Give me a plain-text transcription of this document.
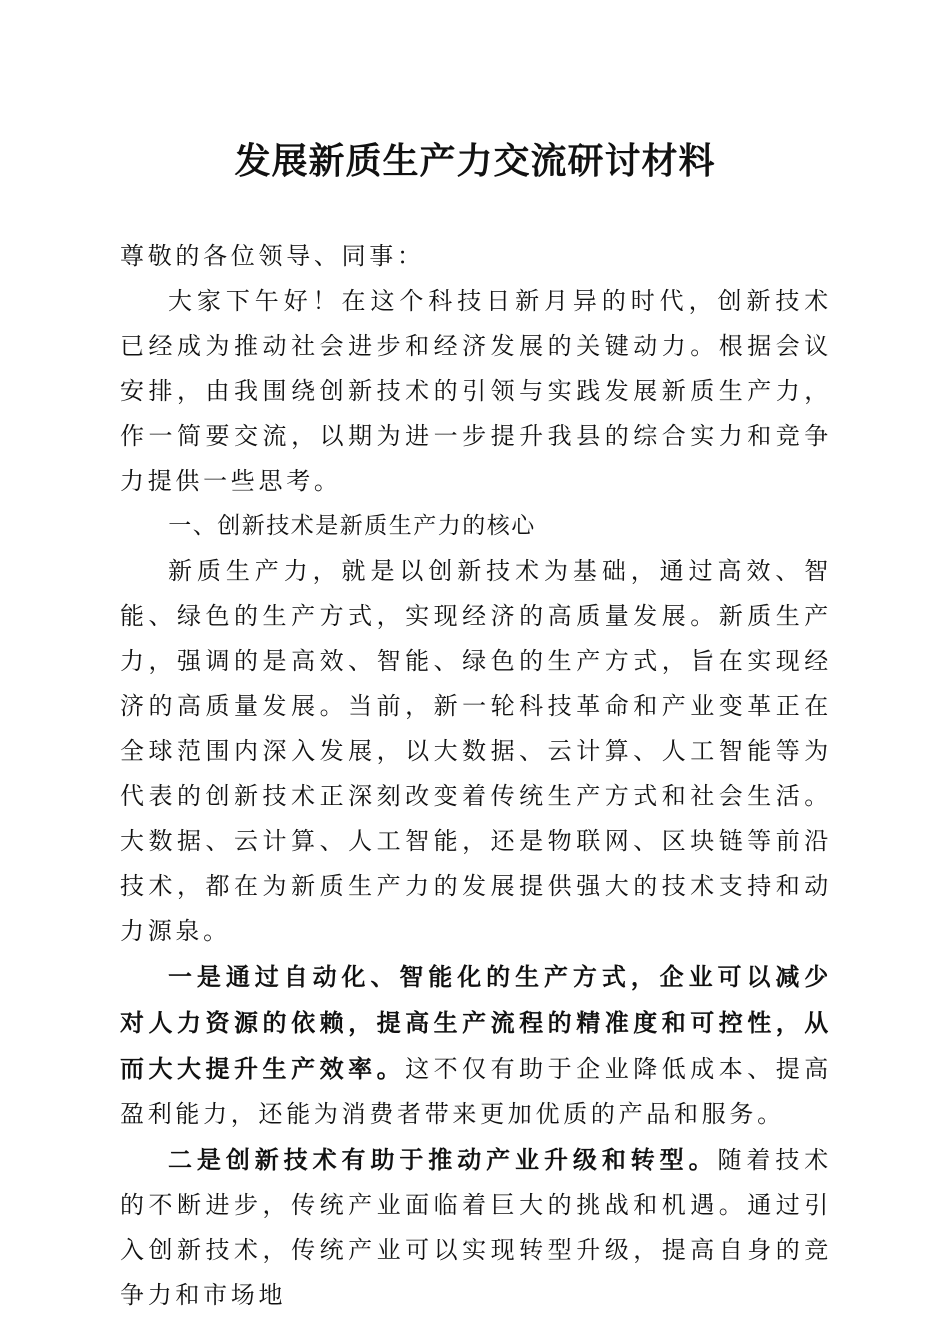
发展新质生产力交流研讨材料

尊敬的各位领导、同事：

大家下午好！在这个科技日新月异的时代，创新技术已经成为推动社会进步和经济发展的关键动力。根据会议安排，由我围绕创新技术的引领与实践发展新质生产力，作一简要交流，以期为进一步提升我县的综合实力和竞争力提供一些思考。

一、创新技术是新质生产力的核心

新质生产力，就是以创新技术为基础，通过高效、智能、绿色的生产方式，实现经济的高质量发展。新质生产力，强调的是高效、智能、绿色的生产方式，旨在实现经济的高质量发展。当前，新一轮科技革命和产业变革正在全球范围内深入发展，以大数据、云计算、人工智能等为代表的创新技术正深刻改变着传统生产方式和社会生活。大数据、云计算、人工智能，还是物联网、区块链等前沿技术，都在为新质生产力的发展提供强大的技术支持和动力源泉。

一是通过自动化、智能化的生产方式，企业可以减少对人力资源的依赖，提高生产流程的精准度和可控性，从而大大提升生产效率。这不仅有助于企业降低成本、提高盈利能力，还能为消费者带来更加优质的产品和服务。

二是创新技术有助于推动产业升级和转型。随着技术的不断进步，传统产业面临着巨大的挑战和机遇。通过引入创新技术，传统产业可以实现转型升级，提高自身的竞争力和市场地
